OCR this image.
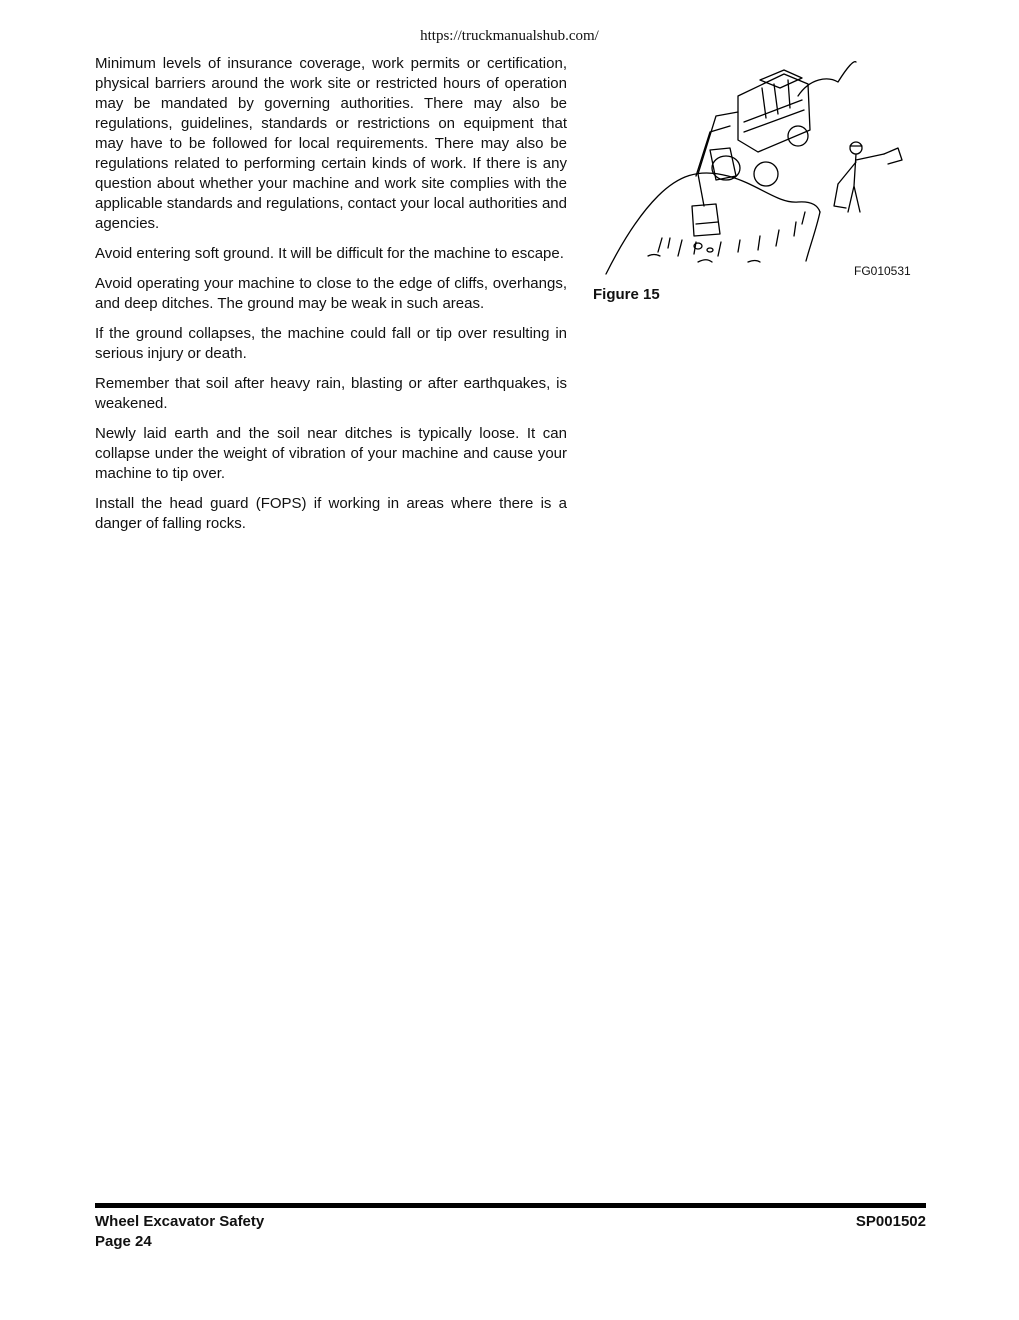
https://truckmanualshub.com/

Minimum levels of insurance coverage, work permits or certification, physical barriers around the work site or restricted hours of operation may be mandated by governing authorities. There may also be regulations, guidelines, standards or restrictions on equipment that may have to be followed for local requirements. There may also be regulations related to performing certain kinds of work. If there is any question about whether your machine and work site complies with the applicable standards and regulations, contact your local authorities and agencies.

Avoid entering soft ground. It will be difficult for the machine to escape.

Avoid operating your machine to close to the edge of cliffs, overhangs, and deep ditches. The ground may be weak in such areas.

If the ground collapses, the machine could fall or tip over resulting in serious injury or death.

Remember that soil after heavy rain, blasting or after earthquakes, is weakened.

Newly laid earth and the soil near ditches is typically loose. It can collapse under the weight of vibration of your machine and cause your machine to tip over.

Install the head guard (FOPS) if working in areas where there is a danger of falling rocks.

FG010531
Figure 15
Wheel Excavator Safety
Page 24
SP001502
